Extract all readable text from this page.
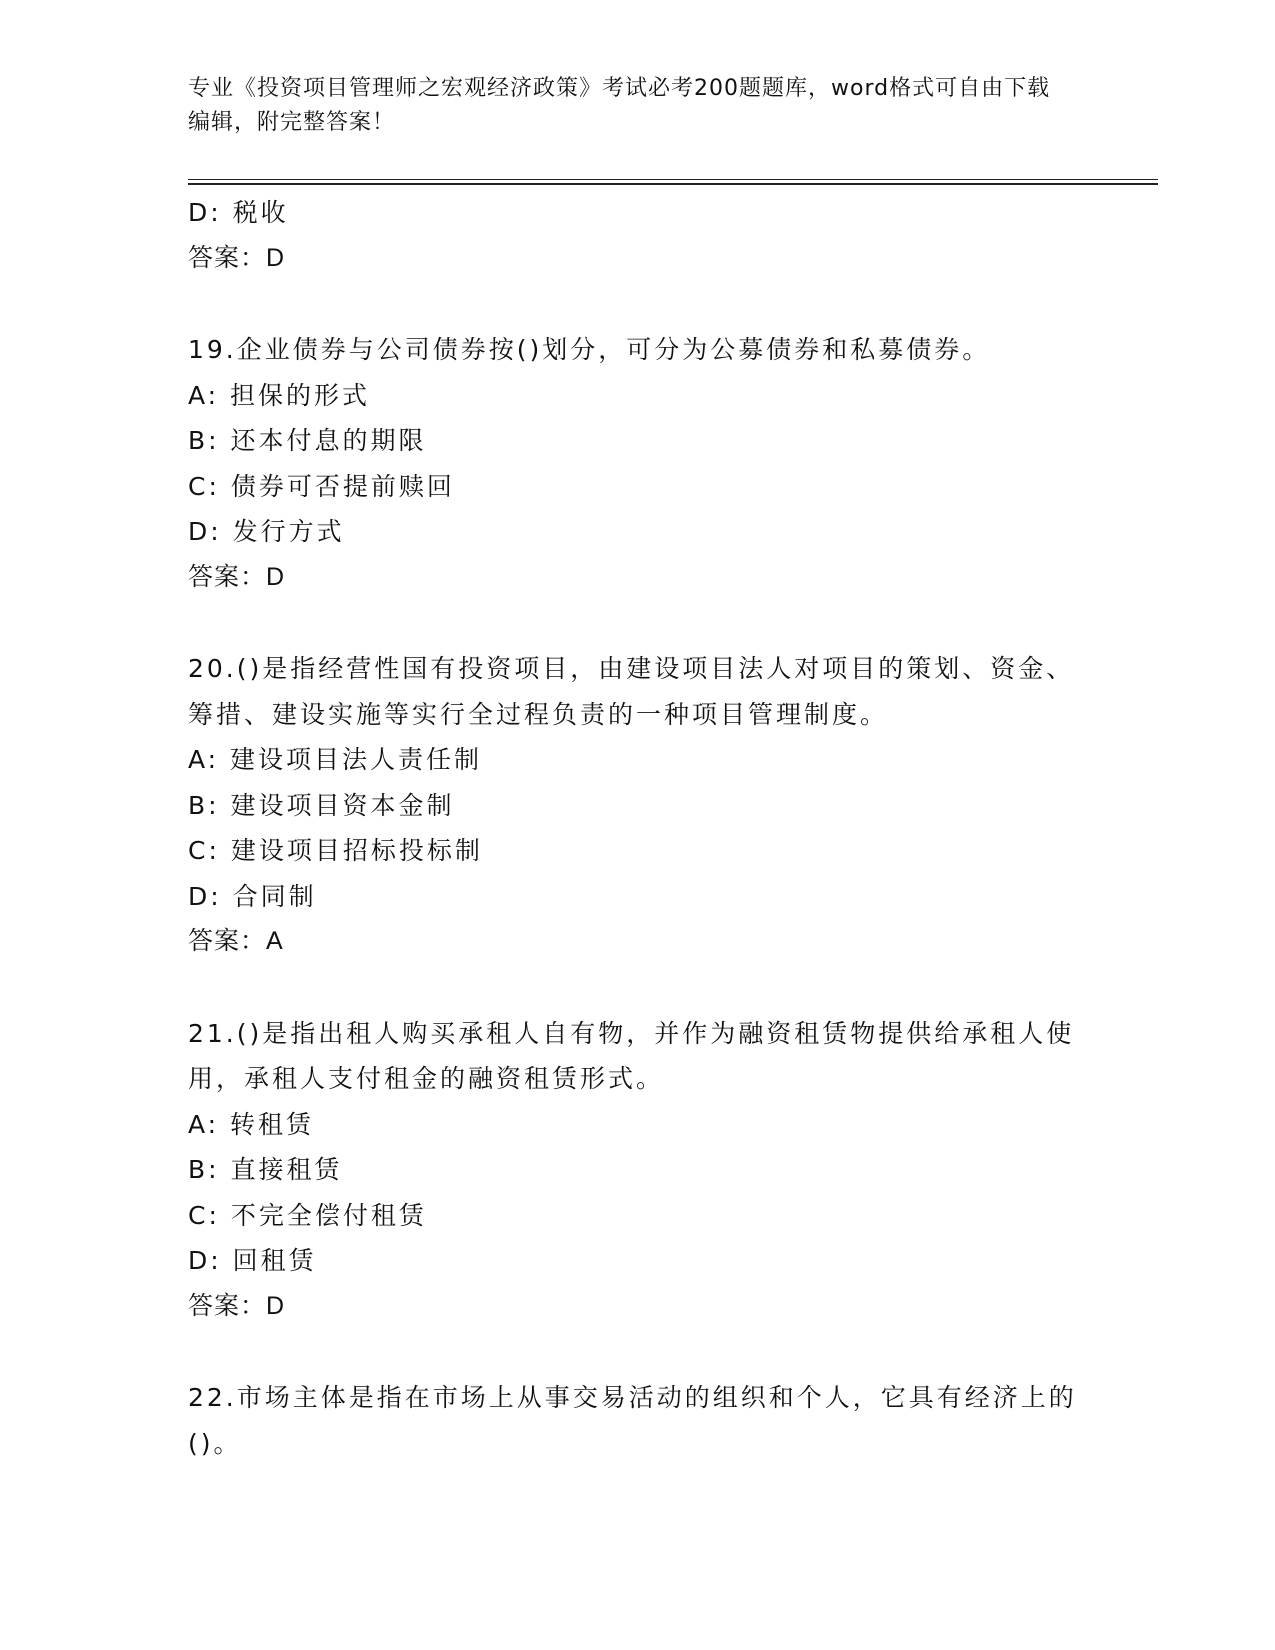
专业《投资项目管理师之宏观经济政策》考试必考200题题库，word格式可自由下载编辑，附完整答案！
D: 税收
答案：D
19.企业债券与公司债券按()划分，可分为公募债券和私募债券。
A: 担保的形式
B: 还本付息的期限
C: 债券可否提前赎回
D: 发行方式
答案：D
20.()是指经营性国有投资项目，由建设项目法人对项目的策划、资金、筹措、建设实施等实行全过程负责的一种项目管理制度。
A: 建设项目法人责任制
B: 建设项目资本金制
C: 建设项目招标投标制
D: 合同制
答案：A
21.()是指出租人购买承租人自有物，并作为融资租赁物提供给承租人使用，承租人支付租金的融资租赁形式。
A: 转租赁
B: 直接租赁
C: 不完全偿付租赁
D: 回租赁
答案：D
22.市场主体是指在市场上从事交易活动的组织和个人，它具有经济上的()。
